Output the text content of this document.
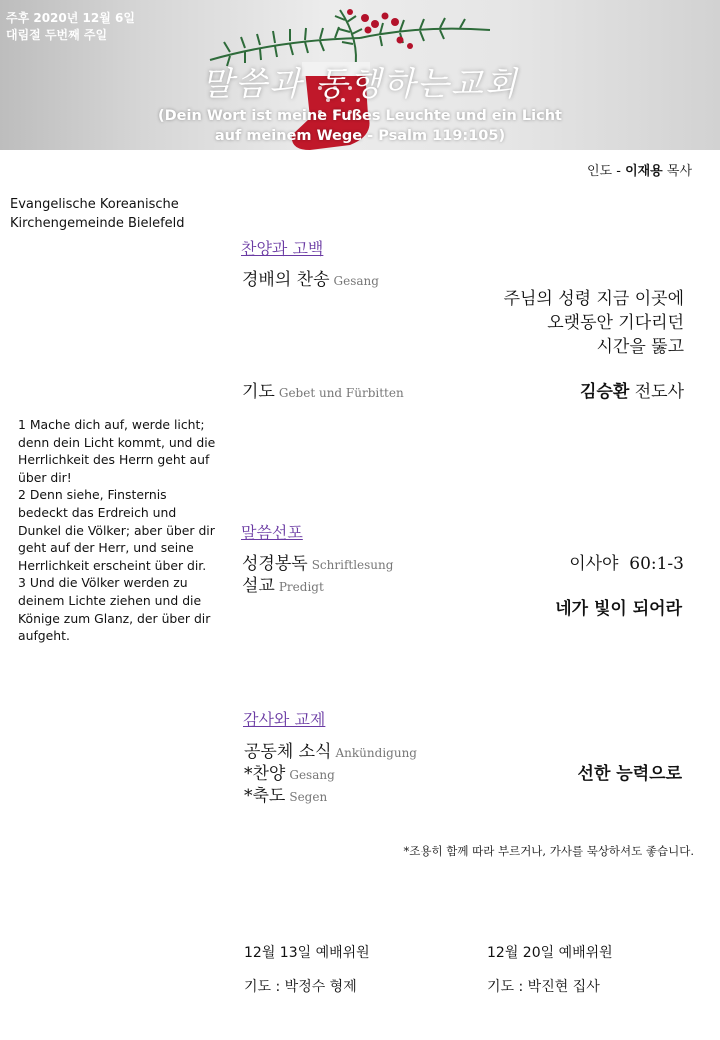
주후 2020년 12월 6일
대림절 두번째 주일
말씀과 동행하는교회
(Dein Wort ist meine Fußes Leuchte und ein Licht auf meinem Wege - Psalm 119:105)
인도 - 이재용 목사
Evangelische Koreanische
Kirchengemeinde Bielefeld
1 Mache dich auf, werde licht; denn dein Licht kommt, und die Herrlichkeit des Herrn geht auf über dir!
2 Denn siehe, Finsternis bedeckt das Erdreich und Dunkel die Völker; aber über dir geht auf der Herr, und seine Herrlichkeit erscheint über dir.
3 Und die Völker werden zu deinem Lichte ziehen und die Könige zum Glanz, der über dir aufgeht.
찬양과 고백
경배의 찬송 Gesang
주님의 성령 지금 이곳에
오랫동안 기다리던
시간을 뚫고
기도 Gebet und Fürbitten	김승환 전도사
말씀선포
성경봉독 Schriftlesung
설교 Predigt
이사야  60:1-3
네가 빛이 되어라
감사와 교제
공동체 소식 Ankündigung
*찬양 Gesang
*축도 Segen
선한 능력으로
*조용히 함께 따라 부르거나, 가사를 묵상하셔도 좋습니다.
12월 13일 예배위원
기도 : 박정수 형제
12월 20일 예배위원
기도 : 박진현 집사
